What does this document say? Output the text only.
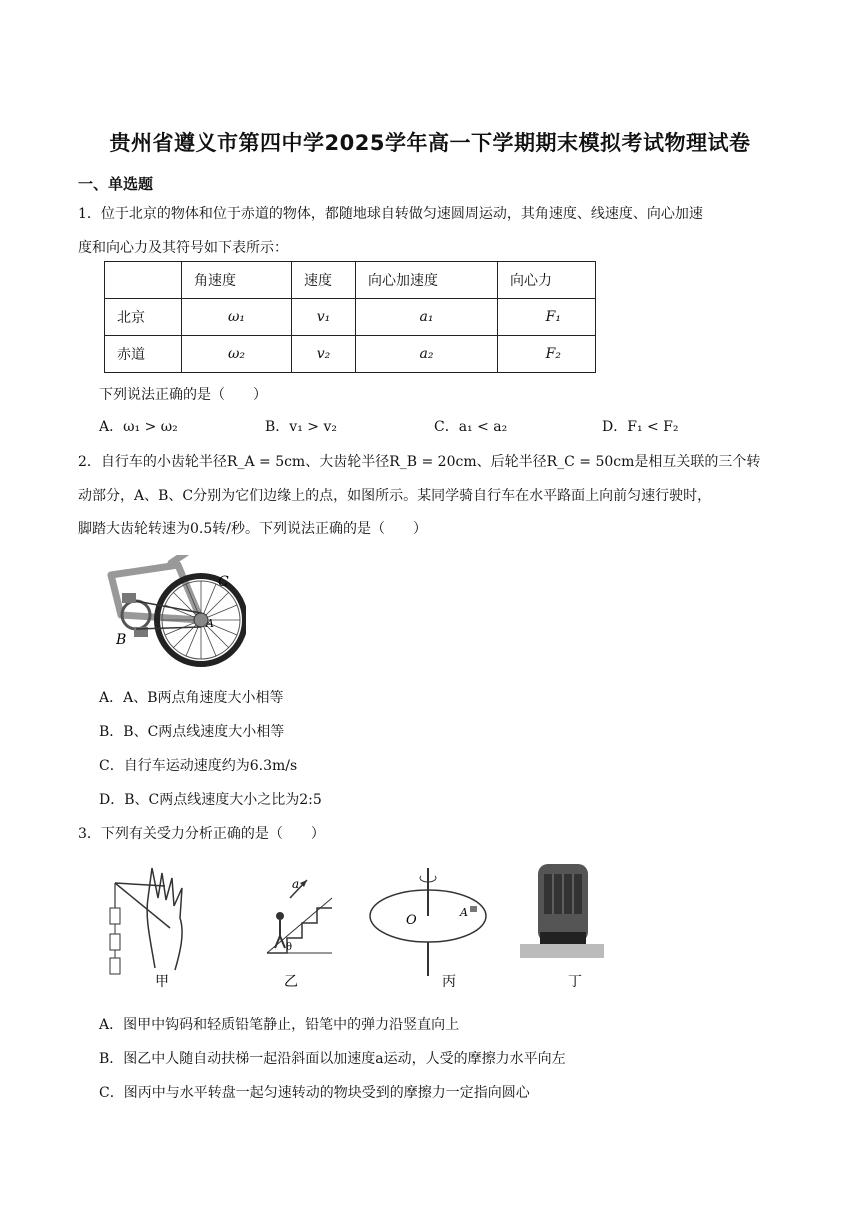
贵州省遵义市第四中学2025学年高一下学期期末模拟考试物理试卷
一、单选题
1．位于北京的物体和位于赤道的物体，都随地球自转做匀速圆周运动，其角速度、线速度、向心加速
度和向心力及其符号如下表所示：
	角速度	速度	向心加速度	向心力
北京	ω₁	v₁	a₁	F₁
赤道	ω₂	v₂	a₂	F₂
下列说法正确的是（　　）
A．ω₁ > ω₂	B．v₁ > v₂	C．a₁ < a₂	D．F₁ < F₂
2．自行车的小齿轮半径R_A = 5cm、大齿轮半径R_B = 20cm、后轮半径R_C = 50cm是相互关联的三个转
动部分，A、B、C分别为它们边缘上的点，如图所示。某同学骑自行车在水平路面上向前匀速行驶时，
脚踏大齿轮转速为0.5转/秒。下列说法正确的是（　　）
C
A
B
A．A、B两点角速度大小相等
B．B、C两点线速度大小相等
C．自行车运动速度约为6.3m/s
D．B、C两点线速度大小之比为2:5
3．下列有关受力分析正确的是（　　）
甲
a
θ
乙
O
A
丙	丁
A．图甲中钩码和轻质铅笔静止，铅笔中的弹力沿竖直向上
B．图乙中人随自动扶梯一起沿斜面以加速度a运动，人受的摩擦力水平向左
C．图丙中与水平转盘一起匀速转动的物块受到的摩擦力一定指向圆心
